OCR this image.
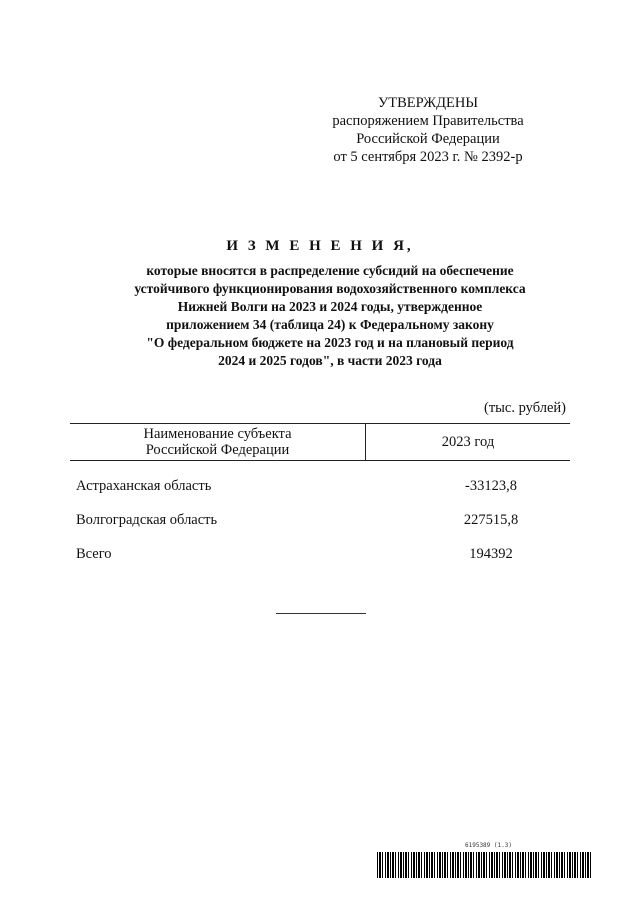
УТВЕРЖДЕНЫ
распоряжением Правительства
Российской Федерации
от 5 сентября 2023 г. № 2392-р
И З М Е Н Е Н И Я,
которые вносятся в распределение субсидий на обеспечение
устойчивого функционирования водохозяйственного комплекса
Нижней Волги на 2023 и 2024 годы, утвержденное
приложением 34 (таблица 24) к Федеральному закону
"О федеральном бюджете на 2023 год и на плановый период
2024 и 2025 годов", в части 2023 года
(тыс. рублей)
Наименование субъекта
Российской Федерации	2023 год
Астраханская область	-33123,8
Волгоградская область	227515,8
Всего	194392
6195389 (1.3)
